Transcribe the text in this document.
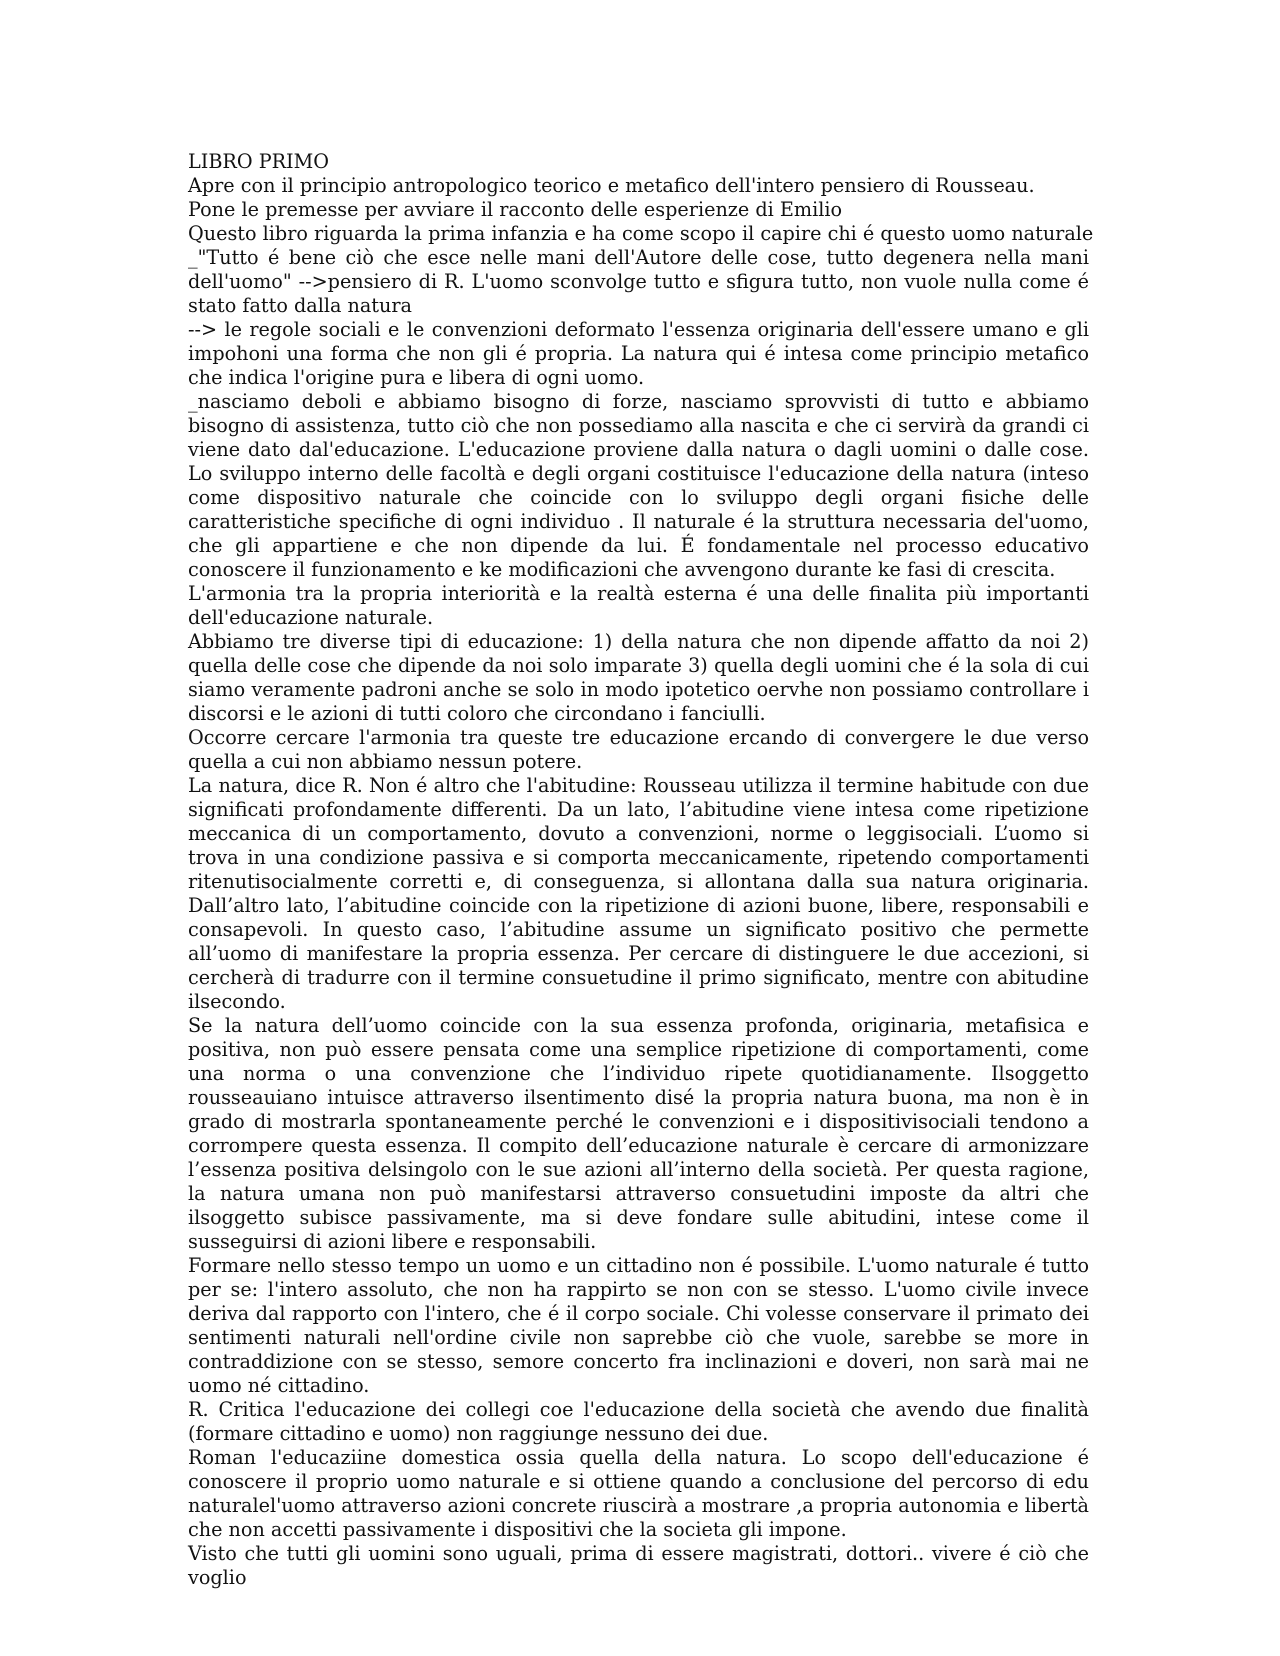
LIBRO PRIMO
Apre con il principio antropologico teorico e metafico dell'intero pensiero di Rousseau.
Pone le premesse per avviare il racconto delle esperienze di Emilio
Questo libro riguarda la prima infanzia e ha come scopo il capire chi é questo uomo naturale

_"Tutto é bene ciò che esce nelle mani dell'Autore delle cose, tutto degenera nella mani dell'uomo" -->pensiero di R. L'uomo sconvolge tutto e sfigura tutto, non vuole nulla come é stato fatto dalla natura

--> le regole sociali e le convenzioni deformato l'essenza originaria dell'essere umano e gli impohoni una forma che non gli é propria. La natura qui é intesa come principio metafico che indica l'origine pura e libera di ogni uomo.

_nasciamo deboli e abbiamo bisogno di forze, nasciamo sprovvisti di tutto e abbiamo bisogno di assistenza, tutto ciò che non possediamo alla nascita e che ci servirà da grandi ci viene dato dal'educazione. L'educazione proviene dalla natura o dagli uomini o dalle cose. Lo sviluppo interno delle facoltà e degli organi costituisce l'educazione della natura (inteso come dispositivo naturale che coincide con lo sviluppo degli organi fisiche delle caratteristiche specifiche di ogni individuo . Il naturale é la struttura necessaria del'uomo, che gli appartiene e che non dipende da lui. É fondamentale nel processo educativo conoscere il funzionamento e ke modificazioni che avvengono durante ke fasi di crescita.

L'armonia tra la propria interiorità e la realtà esterna é una delle finalita più importanti dell'educazione naturale.

Abbiamo tre diverse tipi di educazione: 1) della natura che non dipende affatto da noi 2) quella delle cose che dipende da noi solo imparate 3) quella degli uomini che é la sola di cui siamo veramente padroni anche se solo in modo ipotetico oervhe non possiamo controllare i discorsi e le azioni di tutti coloro che circondano i fanciulli.

Occorre cercare l'armonia tra queste tre educazione ercando di convergere le due verso quella a cui non abbiamo nessun potere.

La natura, dice R. Non é altro che l'abitudine: Rousseau utilizza il termine habitude con due significati profondamente differenti. Da un lato, l’abitudine viene intesa come ripetizione meccanica di un comportamento, dovuto a convenzioni, norme o leggisociali. L’uomo si trova in una condizione passiva e si comporta meccanicamente, ripetendo comportamenti ritenutisocialmente corretti e, di conseguenza, si allontana dalla sua natura originaria. Dall’altro lato, l’abitudine coincide con la ripetizione di azioni buone, libere, responsabili e consapevoli. In questo caso, l’abitudine assume un significato positivo che permette all’uomo di manifestare la propria essenza. Per cercare di distinguere le due accezioni, si cercherà di tradurre con il termine consuetudine il primo significato, mentre con abitudine ilsecondo.

Se la natura dell’uomo coincide con la sua essenza profonda, originaria, metafisica e positiva, non può essere pensata come una semplice ripetizione di comportamenti, come una norma o una convenzione che l’individuo ripete quotidianamente. Ilsoggetto rousseauiano intuisce attraverso ilsentimento disé la propria natura buona, ma non è in grado di mostrarla spontaneamente perché le convenzioni e i dispositivisociali tendono a corrompere questa essenza. Il compito dell’educazione naturale è cercare di armonizzare l’essenza positiva delsingolo con le sue azioni all’interno della società. Per questa ragione, la natura umana non può manifestarsi attraverso consuetudini imposte da altri che ilsoggetto subisce passivamente, ma si deve fondare sulle abitudini, intese come il susseguirsi di azioni libere e responsabili.

Formare nello stesso tempo un uomo e un cittadino non é possibile. L'uomo naturale é tutto per se: l'intero assoluto, che non ha rappirto se non con se stesso. L'uomo civile invece deriva dal rapporto con l'intero, che é il corpo sociale. Chi volesse conservare il primato dei sentimenti naturali nell'ordine civile non saprebbe ciò che vuole, sarebbe se more in contraddizione con se stesso, semore concerto fra inclinazioni e doveri, non sarà mai ne uomo né cittadino.

R. Critica l'educazione dei collegi coe l'educazione della società che avendo due finalità (formare cittadino e uomo) non raggiunge nessuno dei due.

Roman l'educaziine domestica ossia quella della natura. Lo scopo dell'educazione é conoscere il proprio uomo naturale e si ottiene quando a conclusione del percorso di edu naturalel'uomo attraverso azioni concrete riuscirà a mostrare ,a propria autonomia e libertà che non accetti passivamente i dispositivi che la societa gli impone.

Visto che tutti gli uomini sono uguali, prima di essere magistrati, dottori.. vivere é ciò che voglio
